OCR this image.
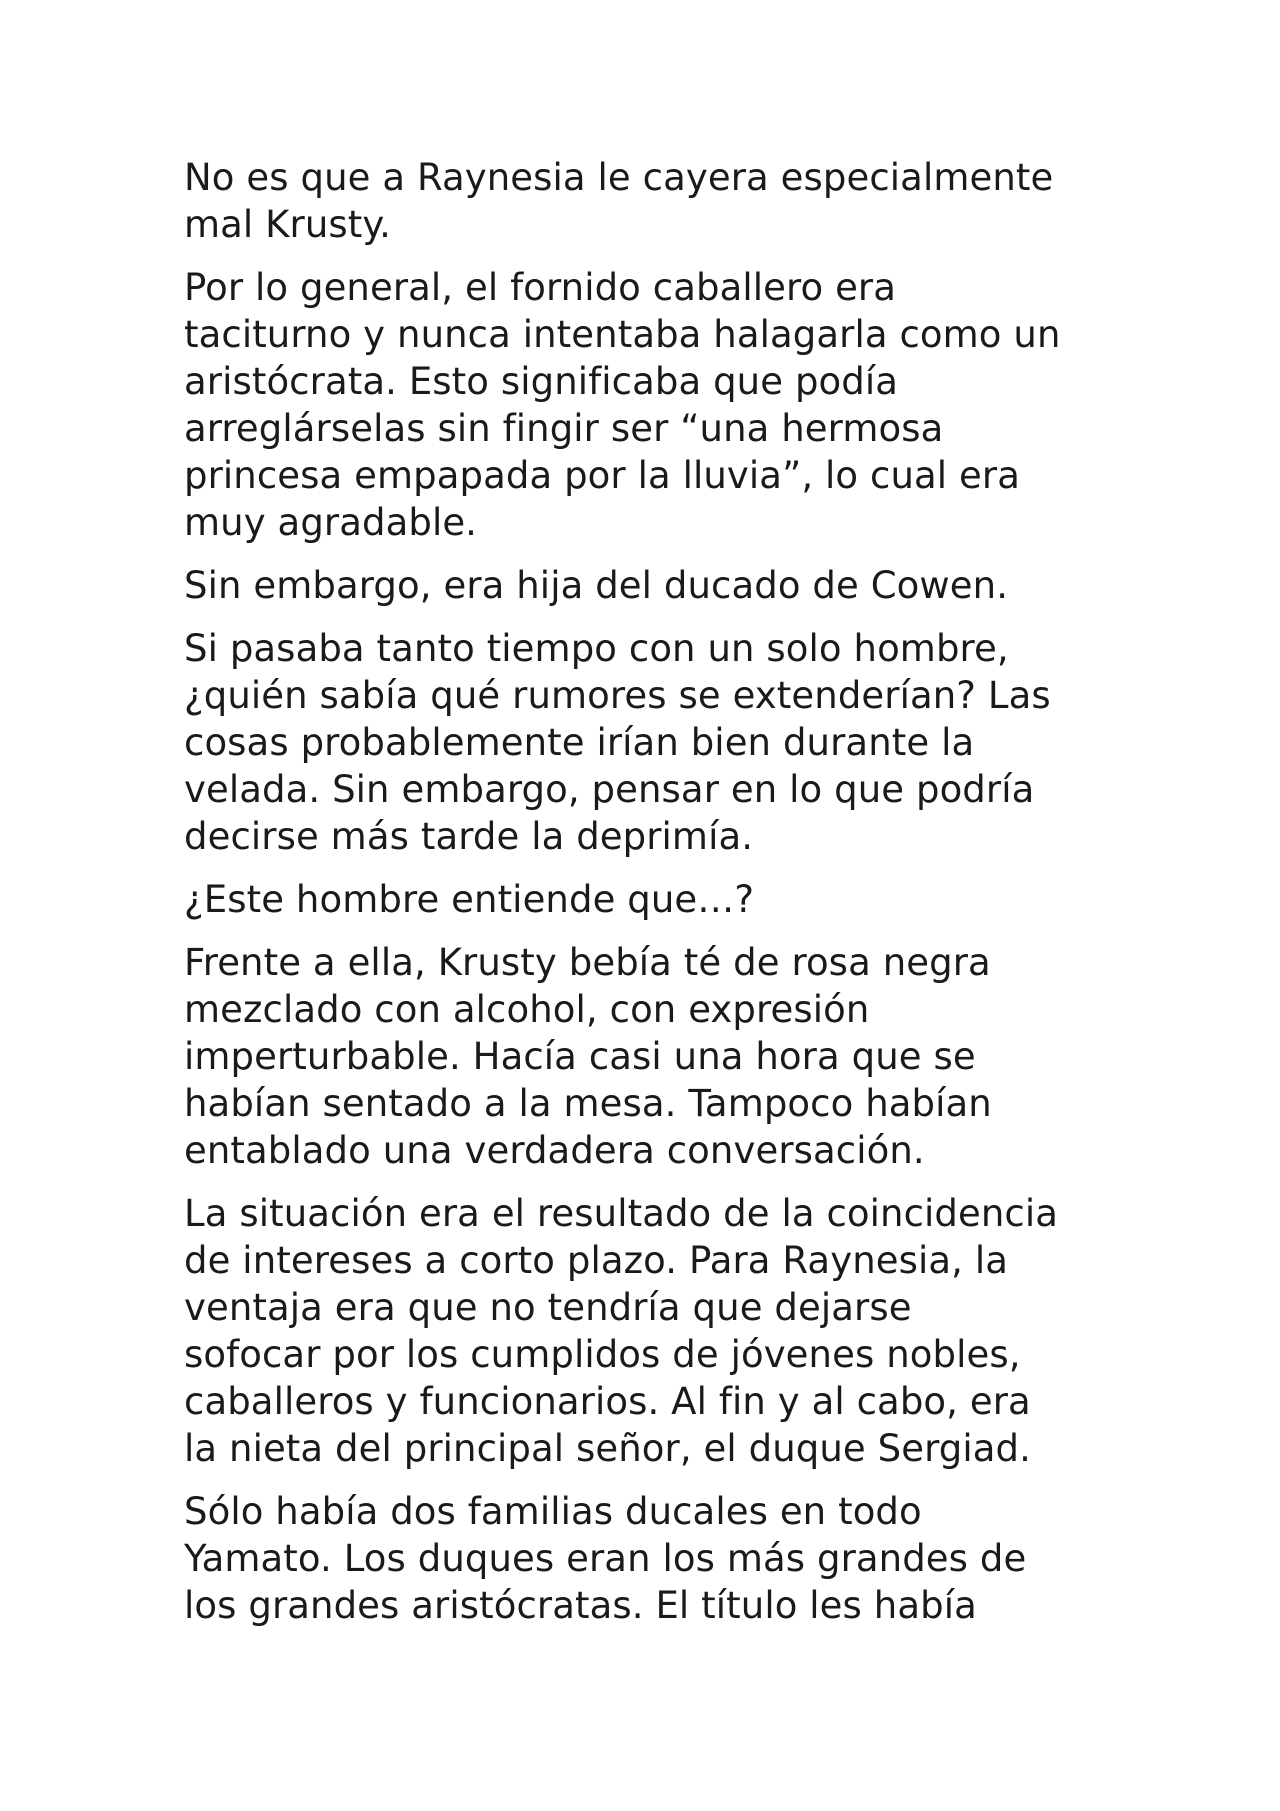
No es que a Raynesia le cayera especialmente
mal Krusty.

Por lo general, el fornido caballero era
taciturno y nunca intentaba halagarla como un
aristócrata. Esto significaba que podía
arreglárselas sin fingir ser “una hermosa
princesa empapada por la lluvia”, lo cual era
muy agradable.

Sin embargo, era hija del ducado de Cowen.

Si pasaba tanto tiempo con un solo hombre,
¿quién sabía qué rumores se extenderían? Las
cosas probablemente irían bien durante la
velada. Sin embargo, pensar en lo que podría
decirse más tarde la deprimía.

¿Este hombre entiende que…?

Frente a ella, Krusty bebía té de rosa negra
mezclado con alcohol, con expresión
imperturbable. Hacía casi una hora que se
habían sentado a la mesa. Tampoco habían
entablado una verdadera conversación.

La situación era el resultado de la coincidencia
de intereses a corto plazo. Para Raynesia, la
ventaja era que no tendría que dejarse
sofocar por los cumplidos de jóvenes nobles,
caballeros y funcionarios. Al fin y al cabo, era
la nieta del principal señor, el duque Sergiad.

Sólo había dos familias ducales en todo
Yamato. Los duques eran los más grandes de
los grandes aristócratas. El título les había
